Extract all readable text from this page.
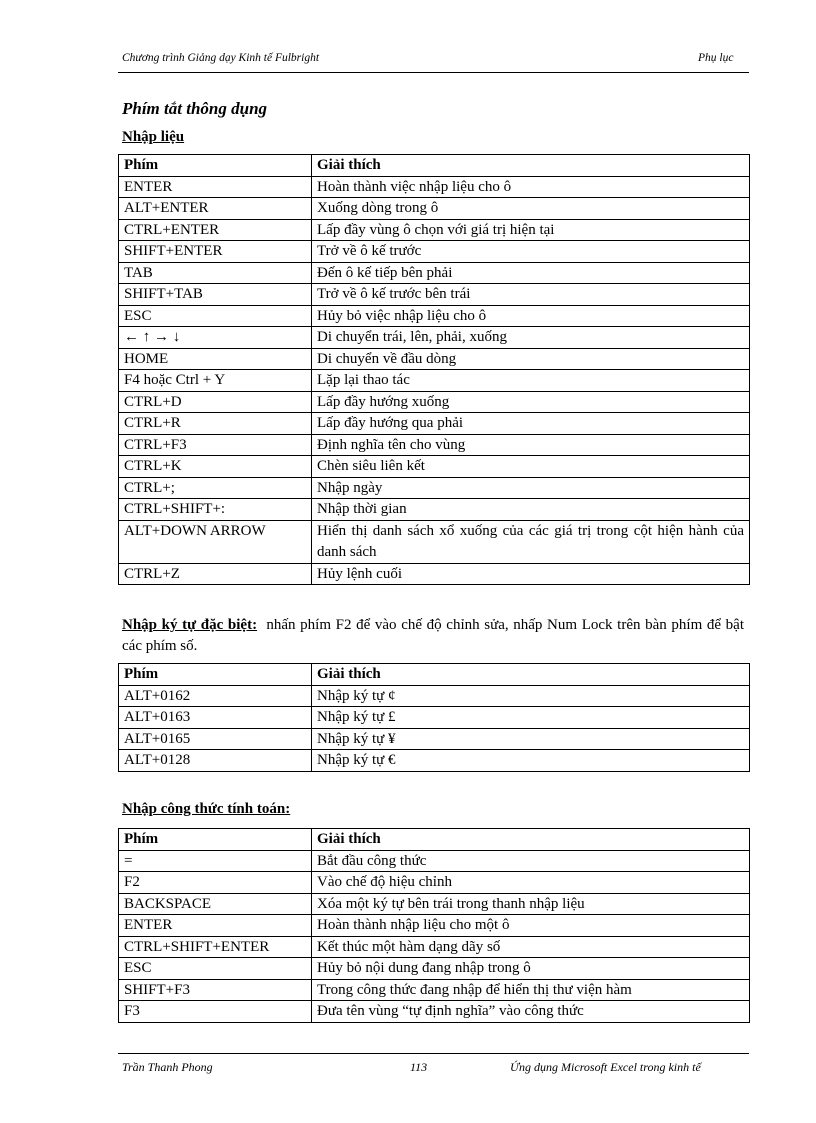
Chương trình Giảng dạy Kinh tế Fulbright	Phụ lục
Phím tắt thông dụng
Nhập liệu
Phím	Giải thích
ENTER	Hoàn thành việc nhập liệu cho ô
ALT+ENTER	Xuống dòng trong ô
CTRL+ENTER	Lấp đầy vùng ô chọn với giá trị hiện tại
SHIFT+ENTER	Trở về ô kế trước
TAB	Đến ô kế tiếp bên phải
SHIFT+TAB	Trở về ô kế trước bên trái
ESC	Hủy bỏ việc nhập liệu cho ô
← ↑ → ↓	Di chuyển trái, lên, phải, xuống
HOME	Di chuyển về đầu dòng
F4 hoặc Ctrl + Y	Lặp lại thao tác
CTRL+D	Lấp đầy hướng xuống
CTRL+R	Lấp đầy hướng qua phải
CTRL+F3	Định nghĩa tên cho vùng
CTRL+K	Chèn siêu liên kết
CTRL+;	Nhập ngày
CTRL+SHIFT+:	Nhập thời gian
ALT+DOWN ARROW	Hiển thị danh sách xổ xuống của các giá trị trong cột hiện hành của danh sách
CTRL+Z	Hủy lệnh cuối
Nhập ký tự đặc biệt: nhấn phím F2 để vào chế độ chỉnh sửa, nhấp Num Lock trên bàn phím để bật các phím số.
Phím	Giải thích
ALT+0162	Nhập ký tự ¢
ALT+0163	Nhập ký tự £
ALT+0165	Nhập ký tự ¥
ALT+0128	Nhập ký tự €
Nhập công thức tính toán:
Phím	Giải thích
=	Bắt đầu công thức
F2	Vào chế độ hiệu chỉnh
BACKSPACE	Xóa một ký tự bên trái trong thanh nhập liệu
ENTER	Hoàn thành nhập liệu cho một ô
CTRL+SHIFT+ENTER	Kết thúc một hàm dạng dãy số
ESC	Hủy bỏ nội dung đang nhập trong ô
SHIFT+F3	Trong công thức đang nhập để hiển thị thư viện hàm
F3	Đưa tên vùng “tự định nghĩa” vào công thức
Trần Thanh Phong	113	Ứng dụng Microsoft Excel trong kinh tế
